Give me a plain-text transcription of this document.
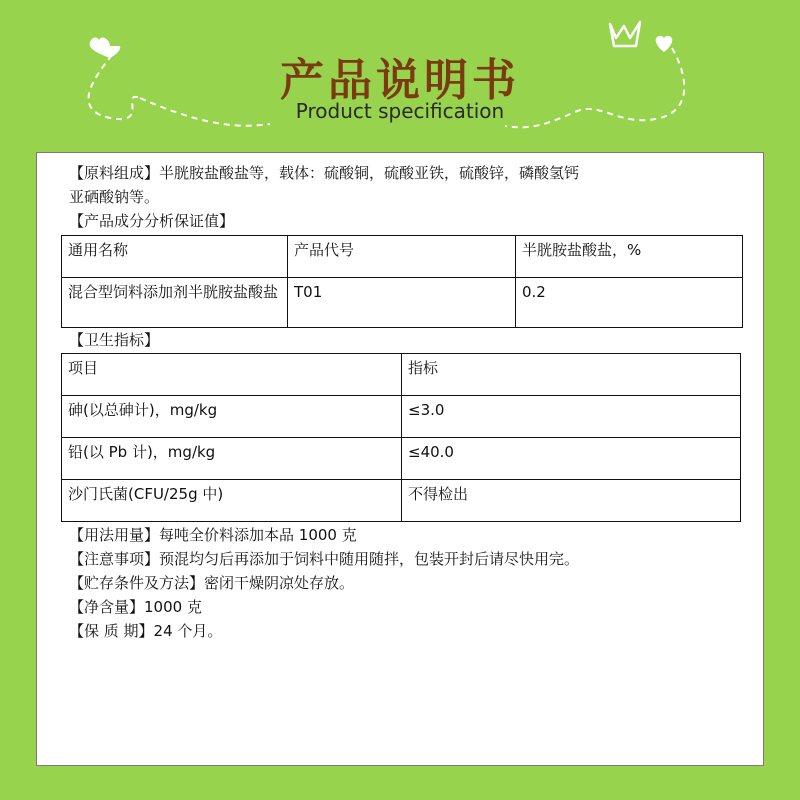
产品说明书
Product specification
【原料组成】半胱胺盐酸盐等，载体：硫酸铜，硫酸亚铁，硫酸锌，磷酸氢钙
亚硒酸钠等。
【产品成分分析保证值】
通用名称	产品代号	半胱胺盐酸盐，%
混合型饲料添加剂半胱胺盐酸盐	T01	0.2
【卫生指标】
项目	指标
砷(以总砷计)，mg/kg	≤3.0
铅(以 Pb 计)，mg/kg	≤40.0
沙门氏菌(CFU/25g 中)	不得检出
【用法用量】每吨全价料添加本品 1000 克
【注意事项】预混均匀后再添加于饲料中随用随拌，包装开封后请尽快用完。
【贮存条件及方法】密闭干燥阴凉处存放。
【净含量】1000 克
【保 质 期】24 个月。
